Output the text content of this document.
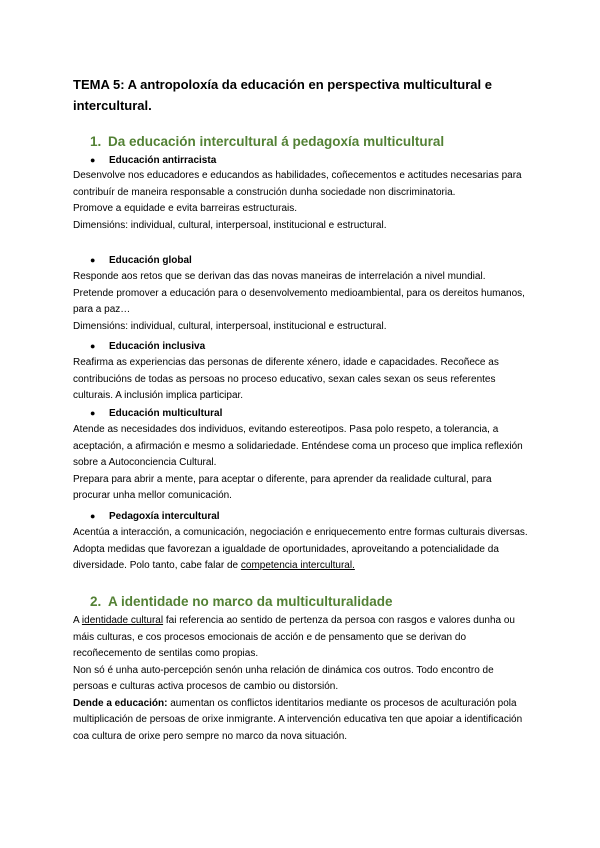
TEMA 5: A antropoloxía da educación en perspectiva multicultural e intercultural.
1. Da educación intercultural á pedagoxía multicultural
● Educación antirracista

Desenvolve nos educadores e educandos as habilidades, coñecementos e actitudes necesarias para contribuír de maneira responsable a construción dunha sociedade non discriminatoria.

Promove a equidade e evita barreiras estructurais.

Dimensións: individual, cultural, interpersoal, institucional e estructural.

● Educación global

Responde aos retos que se derivan das das novas maneiras de interrelación a nivel mundial.

Pretende promover a educación para o desenvolvemento medioambiental, para os dereitos humanos, para a paz…

Dimensións: individual, cultural, interpersoal, institucional e estructural.

● Educación inclusiva

Reafirma as experiencias das personas de diferente xénero, idade e capacidades. Recoñece as contribucións de todas as persoas no proceso educativo, sexan cales sexan os seus referentes culturais. A inclusión implica participar.

● Educación multicultural

Atende as necesidades dos individuos, evitando estereotipos. Pasa polo respeto, a tolerancia, a aceptación, a afirmación e mesmo a solidariedade. Enténdese coma un proceso que implica reflexión sobre a Autoconciencia Cultural.

Prepara para abrir a mente, para aceptar o diferente, para aprender da realidade cultural, para procurar unha mellor comunicación.

● Pedagoxía intercultural

Acentúa a interacción, a comunicación, negociación e enriquecemento entre formas culturais diversas. Adopta medidas que favorezan a igualdade de oportunidades, aproveitando a potencialidade da diversidade. Polo tanto, cabe falar de competencia intercultural.

2. A identidade no marco da multiculturalidade

A identidade cultural fai referencia ao sentido de pertenza da persoa con rasgos e valores dunha ou máis culturas, e cos procesos emocionais de acción e de pensamento que se derivan do recoñecemento de sentilas como propias.

Non só é unha auto-percepción senón unha relación de dinámica cos outros. Todo encontro de persoas e culturas activa procesos de cambio ou distorsión.

Dende a educación: aumentan os conflictos identitarios mediante os procesos de aculturación pola multiplicación de persoas de orixe inmigrante. A intervención educativa ten que apoiar a identificación coa cultura de orixe pero sempre no marco da nova situación.
